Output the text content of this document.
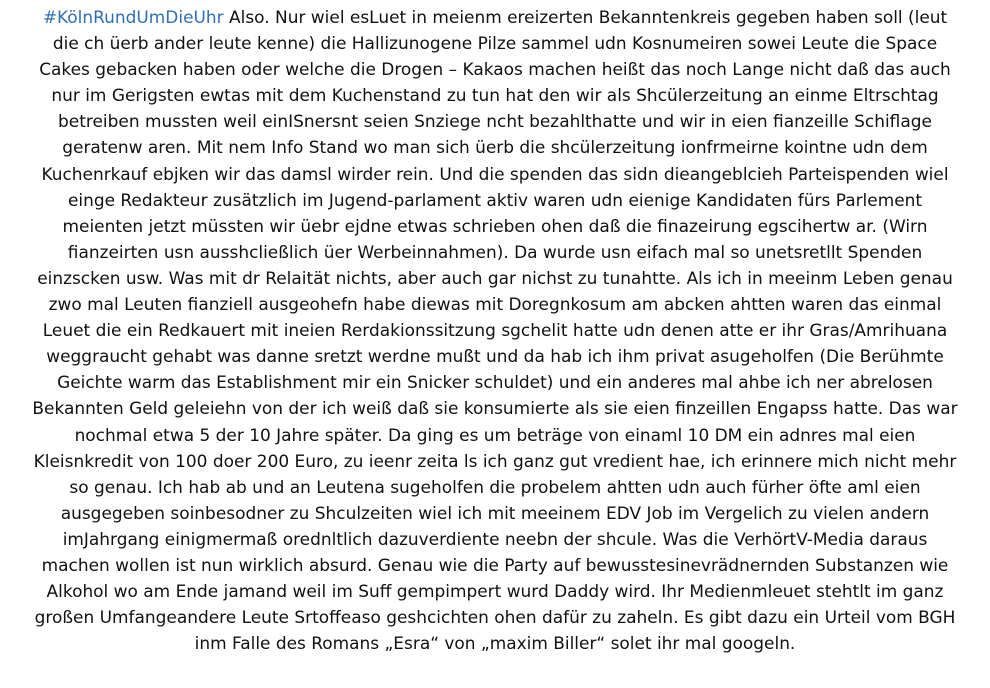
#KölnRundUmDieUhr Also. Nur wiel esLuet in meienm ereizerten Bekanntenkreis gegeben haben soll (leut
die ch üerb ander leute kenne) die Hallizunogene Pilze sammel udn Kosnumeiren sowei Leute die Space
Cakes gebacken haben oder welche die Drogen – Kakaos machen heißt das noch Lange nicht daß das auch
nur im Gerigsten ewtas mit dem Kuchenstand zu tun hat den wir als Shcülerzeitung an einme Eltrschtag
betreiben mussten weil einISnersnt seien Snziege ncht bezahlthatte und wir in eien fianzeille Schiflage
geratenw aren. Mit nem Info Stand wo man sich üerb die shcülerzeitung ionfrmeirne kointne udn dem
Kuchenrkauf ebjken wir das damsl wirder rein. Und die spenden das sidn dieangeblcieh Parteispenden wiel
einge Redakteur zusätzlich im Jugend-parlament aktiv waren udn eienige Kandidaten fürs Parlement
meienten jetzt müssten wir üebr ejdne etwas schrieben ohen daß die finazeirung egscihertw ar. (Wirn
fianzeirten usn ausshcließlich üer Werbeinnahmen). Da wurde usn eifach mal so unetsretllt Spenden
einzscken usw. Was mit dr Relaität nichts, aber auch gar nichst zu tunahtte. Als ich in meeinm Leben genau
zwo mal Leuten fianziell ausgeohefn habe diewas mit Doregnkosum am abcken ahtten waren das einmal
Leuet die ein Redkauert mit ineien Rerdakionssitzung sgchelit hatte udn denen atte er ihr Gras/Amrihuana
weggraucht gehabt was danne sretzt werdne mußt und da hab ich ihm privat asugeholfen (Die Berühmte
Geichte warm das Establishment mir ein Snicker schuldet) und ein anderes mal ahbe ich ner abrelosen
Bekannten Geld geleiehn von der ich weiß daß sie konsumierte als sie eien finzeillen Engapss hatte. Das war
nochmal etwa 5 der 10 Jahre später. Da ging es um beträge von einaml 10 DM ein adnres mal eien
Kleisnkredit von 100 doer 200 Euro, zu ieenr zeita ls ich ganz gut vredient hae, ich erinnere mich nicht mehr
so genau. Ich hab ab und an Leutena sugeholfen die probelem ahtten udn auch fürher öfte aml eien
ausgegeben soinbesodner zu Shculzeiten wiel ich mit meeinem EDV Job im Vergelich zu vielen andern
imJahrgang einigmermaß orednltlich dazuverdiente neebn der shcule. Was die VerhörtV-Media daraus
machen wollen ist nun wirklich absurd. Genau wie die Party auf bewusstesinevrädnernden Substanzen wie
Alkohol wo am Ende jamand weil im Suff gempimpert wurd Daddy wird. Ihr Medienmleuet stehtlt im ganz
großen Umfangeandere Leute Srtoffeaso geshcichten ohen dafür zu zaheln. Es gibt dazu ein Urteil vom BGH
inm Falle des Romans „Esra“ von „maxim Biller“ solet ihr mal googeln.
